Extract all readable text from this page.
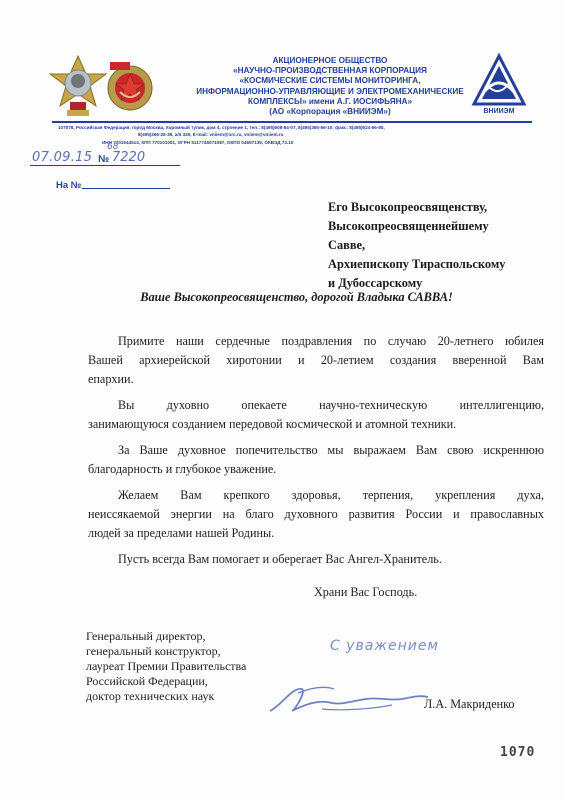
АКЦИОНЕРНОЕ ОБЩЕСТВО
«НАУЧНО-ПРОИЗВОДСТВЕННАЯ КОРПОРАЦИЯ
«КОСМИЧЕСКИЕ СИСТЕМЫ МОНИТОРИНГА,
ИНФОРМАЦИОННО-УПРАВЛЯЮЩИЕ И ЭЛЕКТРОМЕХАНИЧЕСКИЕ
КОМПЛЕКСЫ» имени А.Г. ИОСИФЬЯНА»
(АО «Корпорация «ВНИИЭМ»)	ВНИИЭМ
107078, Российская Федерация, город Москва, Хоромный тупик, дом 4, строение 1, тел.: 8(495)608-84-07, 8(495)365-56-10; факс: 8(495)624-66-85,
8(495)366-26-38, а/я 325, E-mail: vniiem@orc.ru, vniiem@vniiem.ru
ИНН 7701944514, КПП 770101001, ОГРН 5117746071087, ОКПО 04657139, ОКВЭД 73.10
07.09.15 №
68
7220
На №
Его Высокопреосвященству,
Высокопреосвященнейшему
Савве,
Архиепископу Тираспольскому
и Дубоссарскому
Ваше Высокопреосвященство, дорогой Владыка САВВА!
Примите наши сердечные поздравления по случаю 20-летнего юбилея
Вашей архиерейской хиротонии и 20-летием создания вверенной Вам
епархии.
Вы духовно опекаете научно-техническую интеллигенцию,
занимающуюся созданием передовой космической и атомной техники.
За Ваше духовное попечительство мы выражаем Вам свою искреннюю
благодарность и глубокое уважение.
Желаем Вам крепкого здоровья, терпения, укрепления духа,
неиссякаемой энергии на благо духовного развития России и православных
людей за пределами нашей Родины.
Пусть всегда Вам помогает и оберегает Вас Ангел-Хранитель.
Храни Вас Господь.
Генеральный директор,
генеральный конструктор,
лауреат Премии Правительства
Российской Федерации,
доктор технических наук
С уважением
Л.А. Макриденко
1070
